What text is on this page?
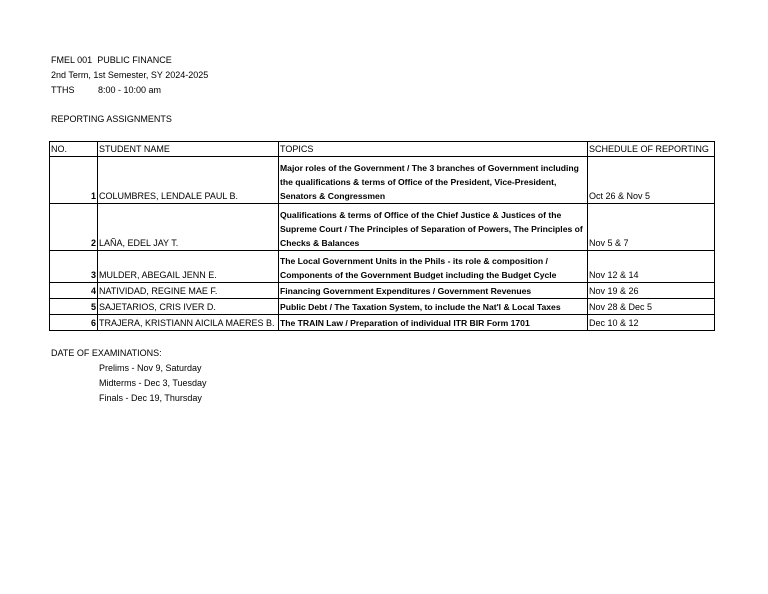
FMEL 001 PUBLIC FINANCE
2nd Term, 1st Semester, SY 2024-2025
TTHS	8:00 - 10:00 am
REPORTING ASSIGNMENTS
NO.	STUDENT NAME	TOPICS	SCHEDULE OF REPORTING
1	COLUMBRES, LENDALE PAUL B.	Major roles of the Government / The 3 branches of Government including the qualifications & terms of Office of the President, Vice-President, Senators & Congressmen	Oct 26 & Nov 5
2	LAÑA, EDEL JAY T.	Qualifications & terms of Office of the Chief Justice & Justices of the Supreme Court / The Principles of Separation of Powers, The Principles of Checks & Balances	Nov 5 & 7
3	MULDER, ABEGAIL JENN E.	The Local Government Units in the Phils - its role & composition / Components of the Government Budget including the Budget Cycle	Nov 12 & 14
4	NATIVIDAD, REGINE MAE F.	Financing Government Expenditures / Government Revenues	Nov 19 & 26
5	SAJETARIOS, CRIS IVER D.	Public Debt / The Taxation System, to include the Nat'l & Local Taxes	Nov 28 & Dec 5
6	TRAJERA, KRISTIANN AICILA MAERES B.	The TRAIN Law / Preparation of individual ITR BIR Form 1701	Dec 10 & 12
DATE OF EXAMINATIONS:
Prelims - Nov 9, Saturday
Midterms - Dec 3, Tuesday
Finals - Dec 19, Thursday
